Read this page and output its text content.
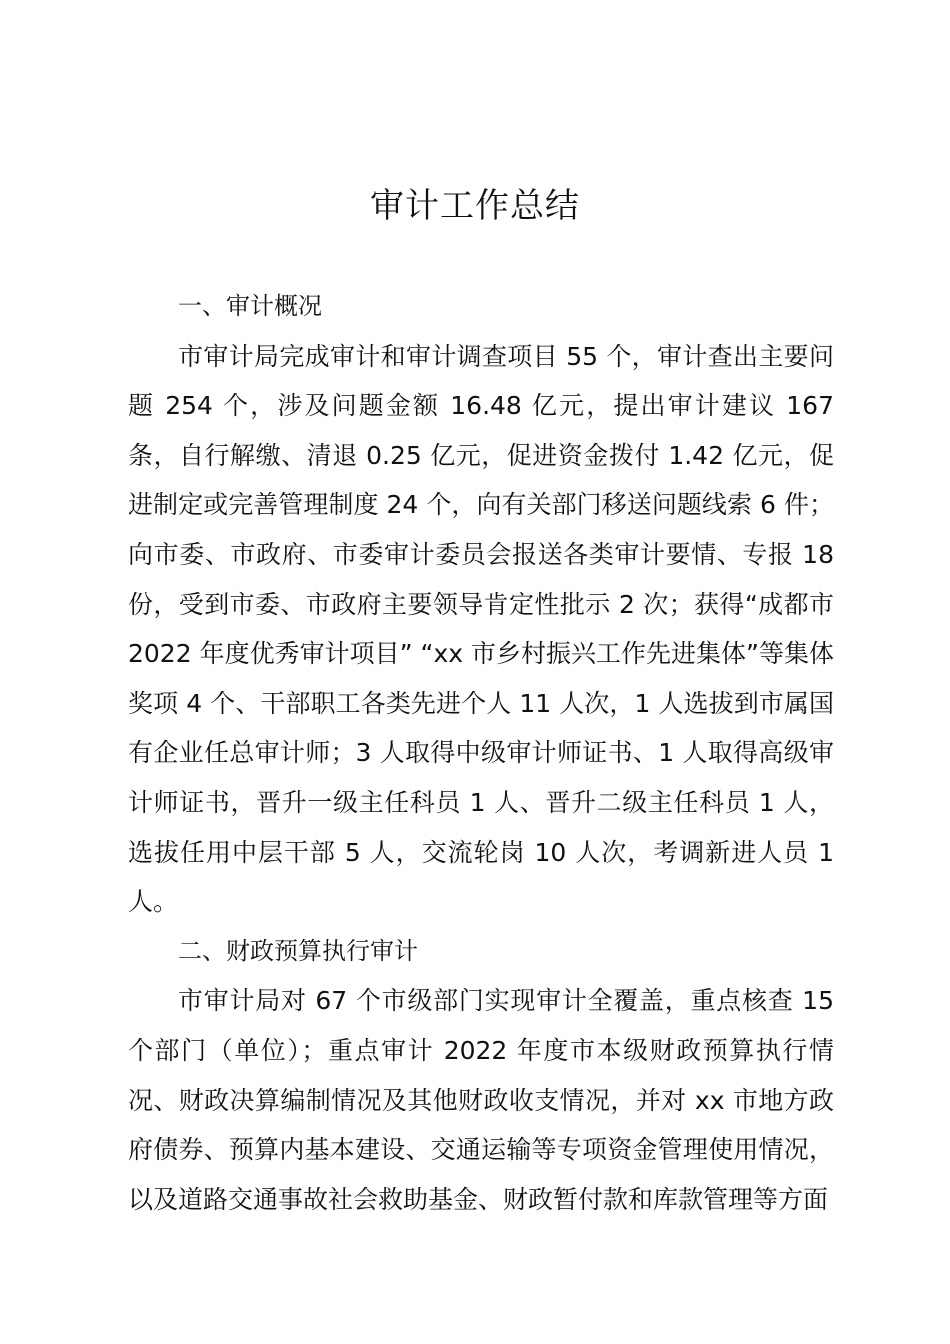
审计工作总结

一、审计概况

市审计局完成审计和审计调查项目 55 个，审计查出主要问题 254 个，涉及问题金额 16.48 亿元，提出审计建议 167 条，自行解缴、清退 0.25 亿元，促进资金拨付 1.42 亿元，促进制定或完善管理制度 24 个，向有关部门移送问题线索 6 件；向市委、市政府、市委审计委员会报送各类审计要情、专报 18 份，受到市委、市政府主要领导肯定性批示 2 次；获得“成都市 2022 年度优秀审计项目” “xx 市乡村振兴工作先进集体”等集体奖项 4 个、干部职工各类先进个人 11 人次，1 人选拔到市属国有企业任总审计师；3 人取得中级审计师证书、1 人取得高级审计师证书，晋升一级主任科员 1 人、晋升二级主任科员 1 人，选拔任用中层干部 5 人，交流轮岗 10 人次，考调新进人员 1 人。

二、财政预算执行审计

市审计局对 67 个市级部门实现审计全覆盖，重点核查 15 个部门（单位）；重点审计 2022 年度市本级财政预算执行情况、财政决算编制情况及其他财政收支情况，并对 xx 市地方政府债券、预算内基本建设、交通运输等专项资金管理使用情况，以及道路交通事故社会救助基金、财政暂付款和库款管理等方面
